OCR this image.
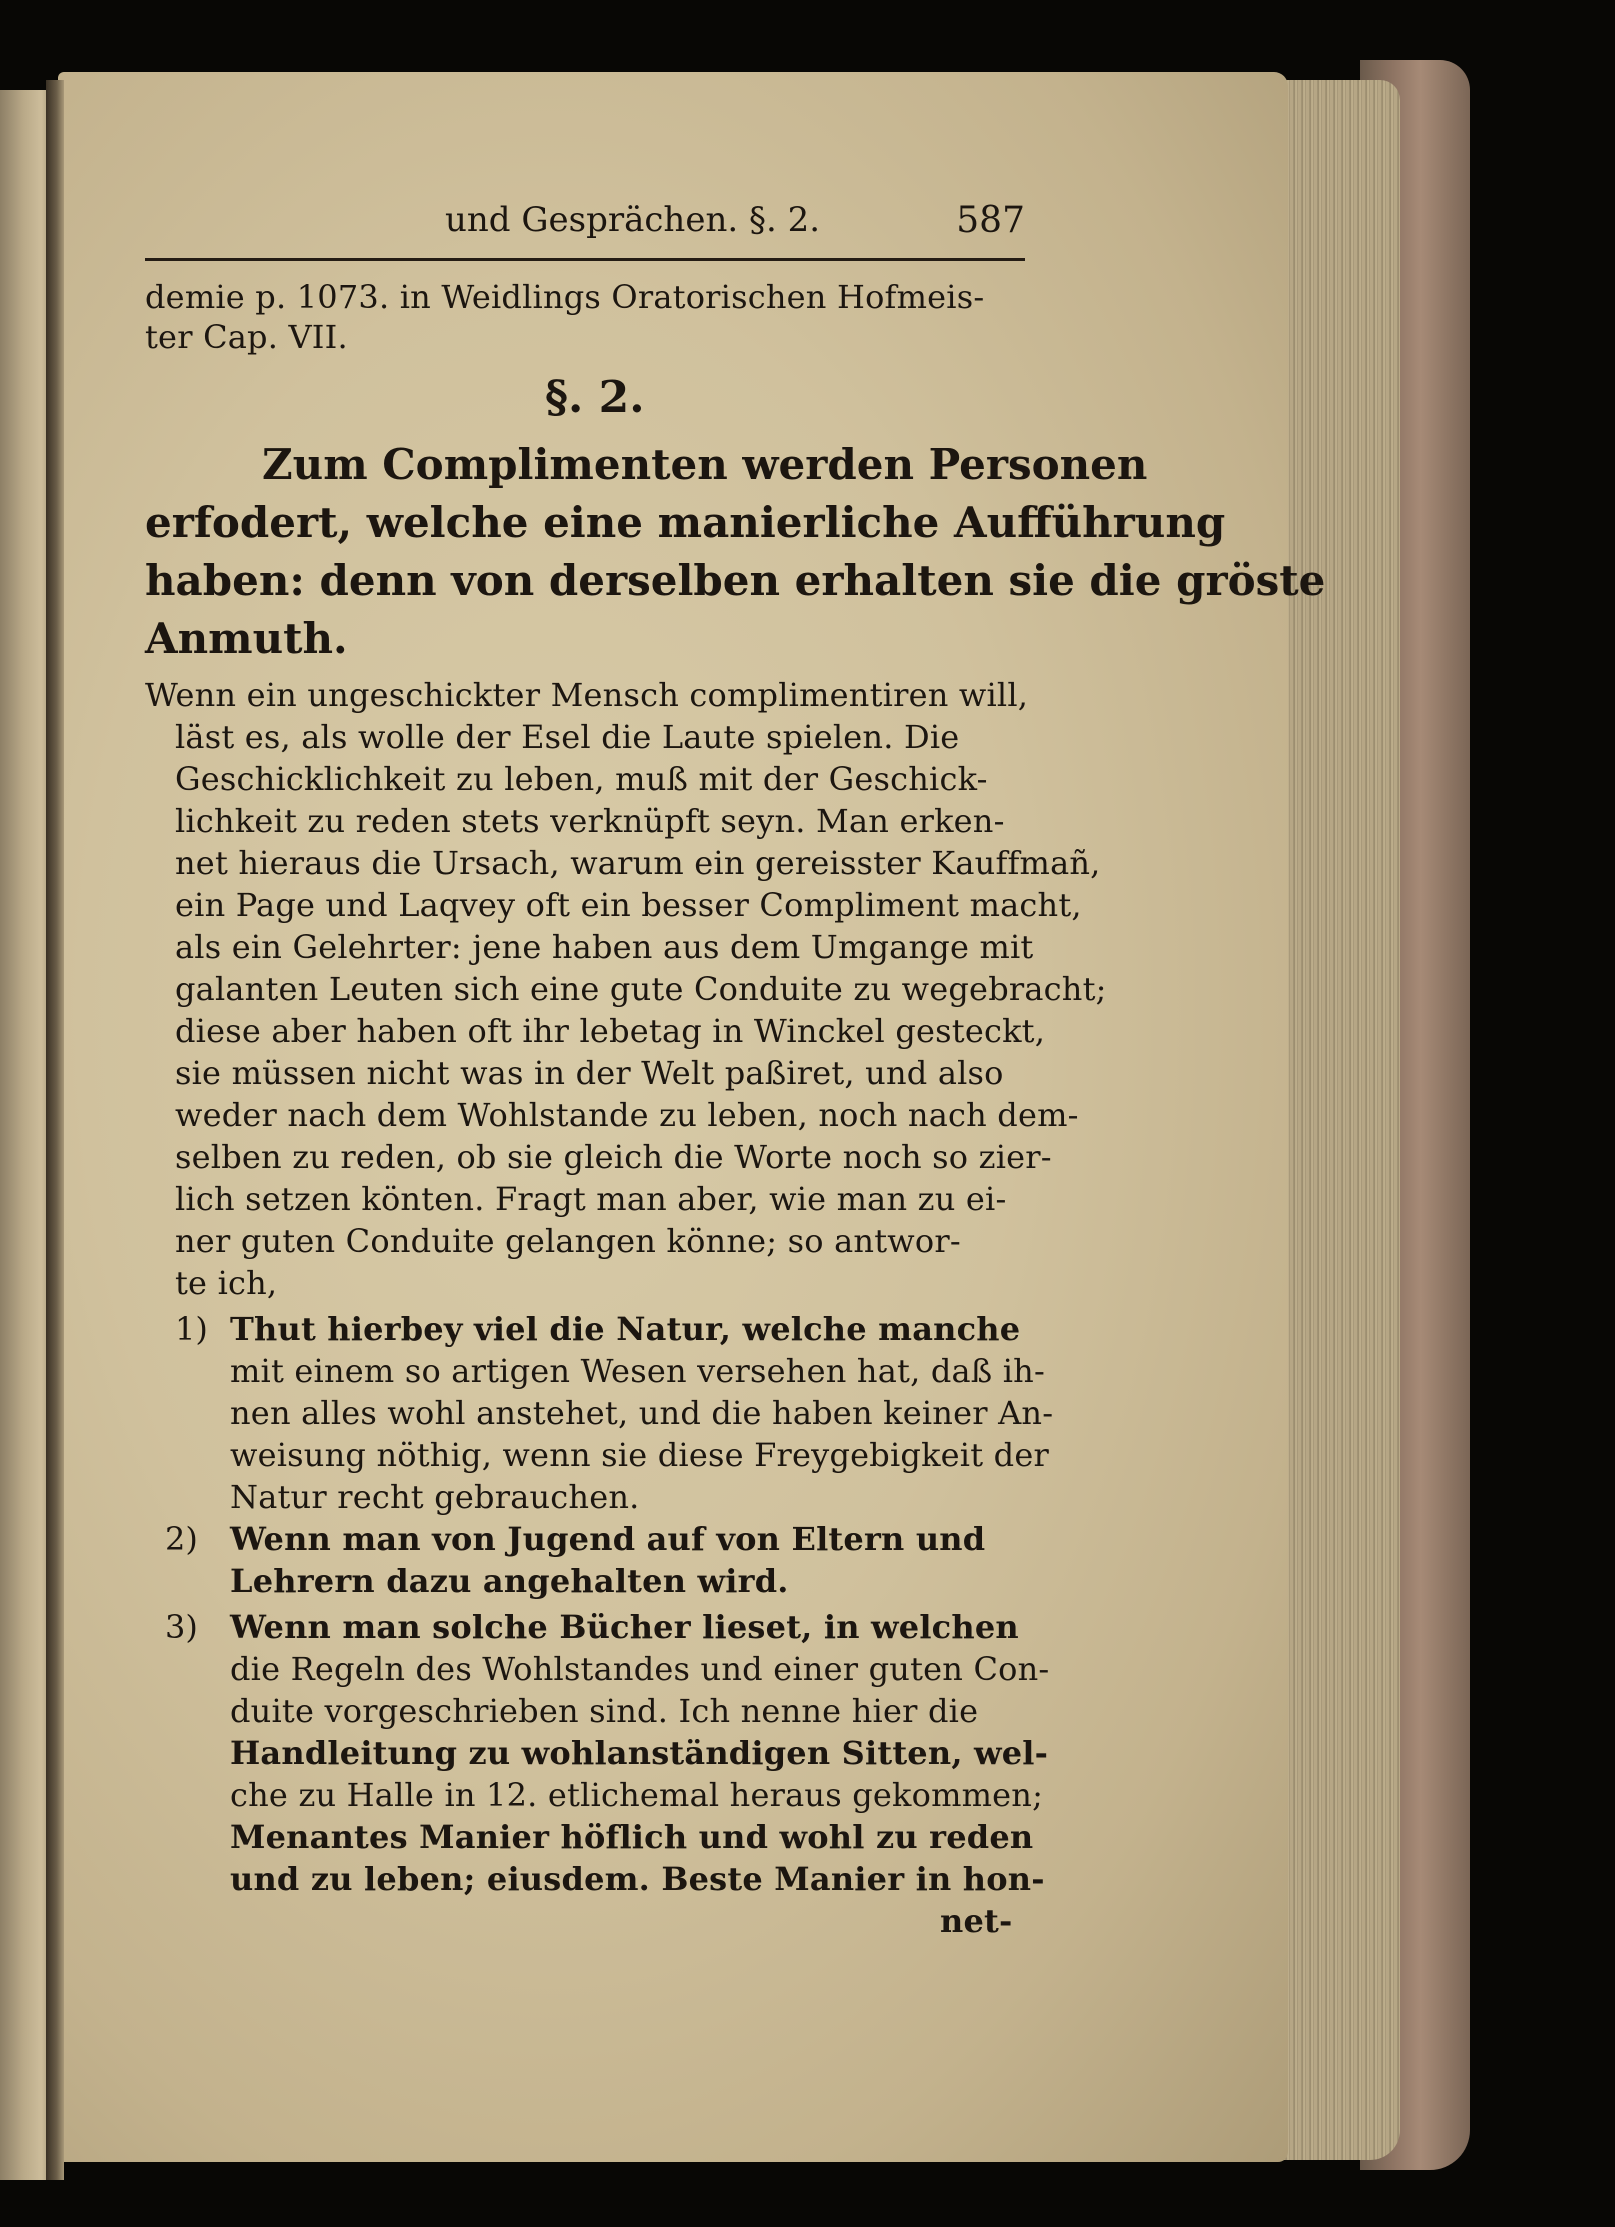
und Gesprächen. §. 2.	587
demie p. 1073. in Weidlings Oratorischen Hofmeis-
ter Cap. VII.
§. 2.
Zum Complimenten werden Personen
erfodert, welche eine manierliche Aufführung
haben: denn von derselben erhalten sie die gröste
Anmuth.
Wenn ein ungeschickter Mensch complimentiren will,
läst es, als wolle der Esel die Laute spielen. Die
Geschicklichkeit zu leben, muß mit der Geschick-
lichkeit zu reden stets verknüpft seyn. Man erken-
net hieraus die Ursach, warum ein gereisster Kauffmañ,
ein Page und Laqvey oft ein besser Compliment macht,
als ein Gelehrter: jene haben aus dem Umgange mit
galanten Leuten sich eine gute Conduite zu wegebracht;
diese aber haben oft ihr lebetag in Winckel gesteckt,
sie müssen nicht was in der Welt paßiret, und also
weder nach dem Wohlstande zu leben, noch nach dem-
selben zu reden, ob sie gleich die Worte noch so zier-
lich setzen könten. Fragt man aber, wie man zu ei-
ner guten Conduite gelangen könne; so antwor-
te ich,
1) Thut hierbey viel die Natur, welche manche
mit einem so artigen Wesen versehen hat, daß ih-
nen alles wohl anstehet, und die haben keiner An-
weisung nöthig, wenn sie diese Freygebigkeit der
Natur recht gebrauchen.
2) Wenn man von Jugend auf von Eltern und
Lehrern dazu angehalten wird.
3) Wenn man solche Bücher lieset, in welchen
die Regeln des Wohlstandes und einer guten Con-
duite vorgeschrieben sind. Ich nenne hier die
Handleitung zu wohlanständigen Sitten, wel-
che zu Halle in 12. etlichemal heraus gekommen;
Menantes Manier höflich und wohl zu reden
und zu leben; eiusdem. Beste Manier in hon-
net-
